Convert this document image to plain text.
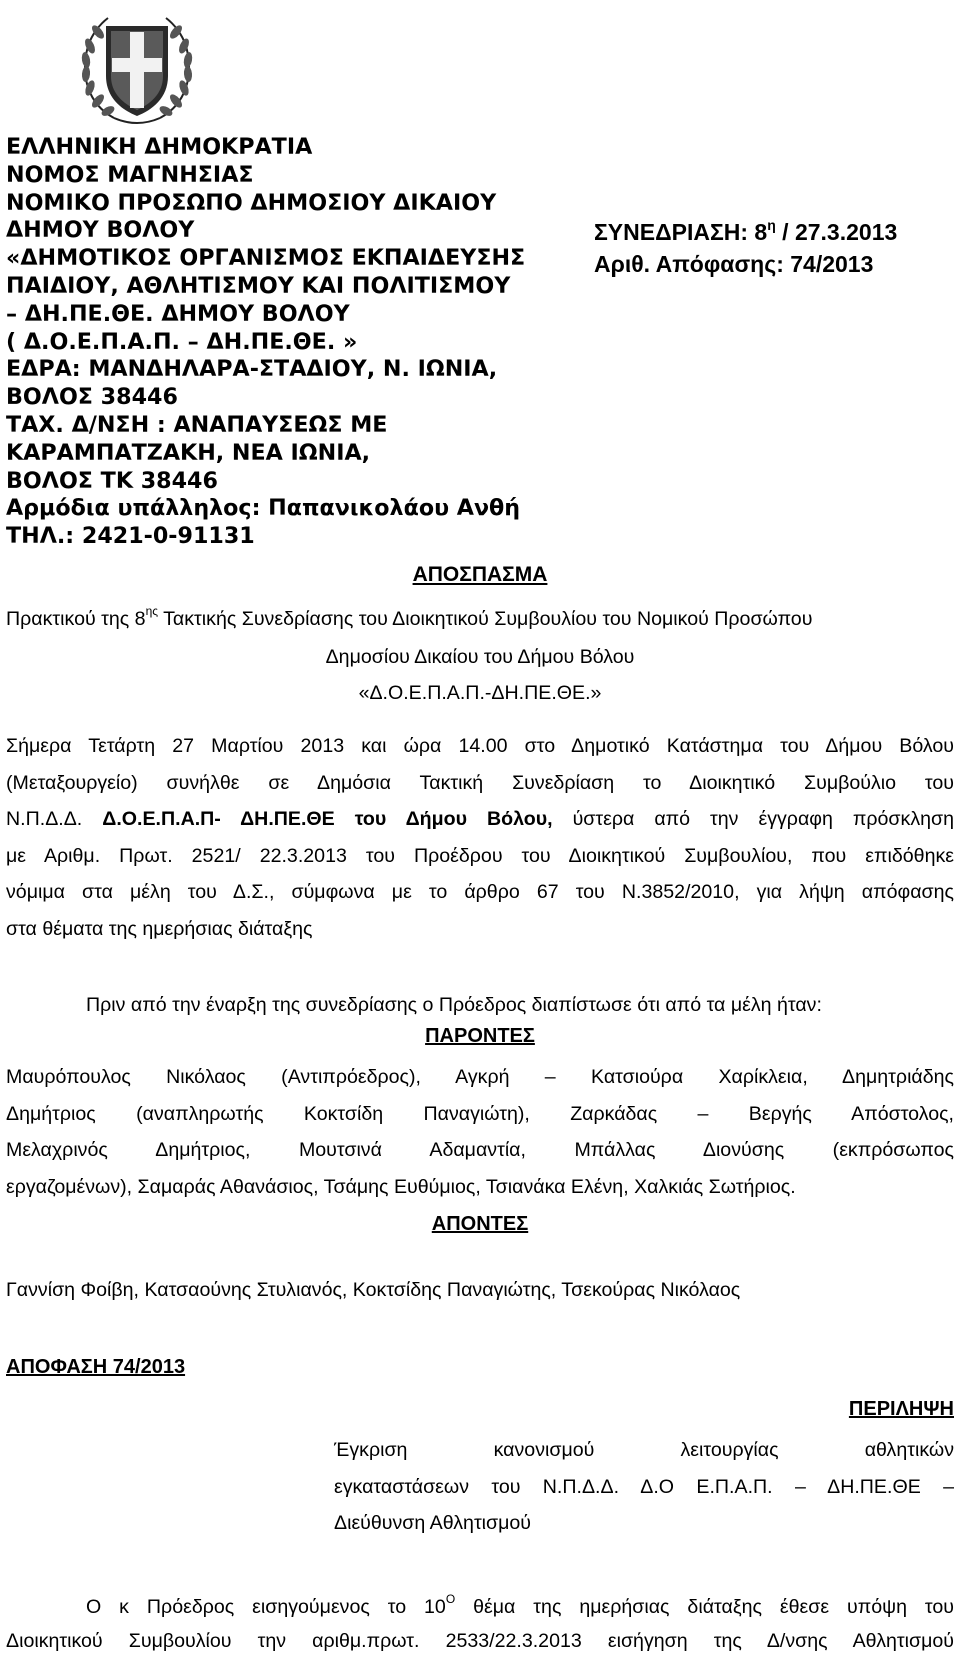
ΕΛΛΗΝΙΚΗ ΔΗΜΟΚΡΑΤΙΑ
ΝΟΜΟΣ ΜΑΓΝΗΣΙΑΣ
ΝΟΜΙΚΟ ΠΡΟΣΩΠΟ ΔΗΜΟΣΙΟΥ ΔΙΚΑΙΟΥ
ΔΗΜΟΥ ΒΟΛΟΥ
«ΔΗΜΟΤΙΚΟΣ ΟΡΓΑΝΙΣΜΟΣ ΕΚΠΑΙΔΕΥΣΗΣ
ΠΑΙΔΙΟΥ, ΑΘΛΗΤΙΣΜΟΥ ΚΑΙ ΠΟΛΙΤΙΣΜΟΥ
– ΔΗ.ΠΕ.ΘΕ. ΔΗΜΟΥ ΒΟΛΟΥ
( Δ.Ο.Ε.Π.Α.Π. – ΔΗ.ΠΕ.ΘΕ. »
ΕΔΡΑ: ΜΑΝΔΗΛΑΡΑ-ΣΤΑΔΙΟΥ, Ν. ΙΩΝΙΑ,
ΒΟΛΟΣ 38446
ΤΑΧ. Δ/ΝΣΗ : ΑΝΑΠΑΥΣΕΩΣ ΜΕ
ΚΑΡΑΜΠΑΤΖΑΚΗ, ΝΕΑ ΙΩΝΙΑ,
ΒΟΛΟΣ ΤΚ 38446
Αρμόδια υπάλληλος: Παπανικολάου Ανθή
ΤΗΛ.: 2421-0-91131
ΣΥΝΕΔΡΙΑΣΗ: $8^\eta / 27.3.2013$
Αριθ. Απόφασης: 74/2013
ΑΠΟΣΠΑΣΜΑ
Πρακτικού της $8^{\eta\varsigma}$ Τακτικής Συνεδρίασης του Διοικητικού Συμβουλίου του Νομικού Προσώπου
Δημοσίου Δικαίου του Δήμου Βόλου
«Δ.Ο.Ε.Π.Α.Π.-ΔΗ.ΠΕ.ΘΕ.»
Σήμερα Τετάρτη 27 Μαρτίου 2013 και ώρα 14.00 στο Δημοτικό Κατάστημα του Δήμου Βόλου
(Μεταξουργείο) συνήλθε σε Δημόσια Τακτική Συνεδρίαση το Διοικητικό Συμβούλιο του
Ν.Π.Δ.Δ. Δ.Ο.Ε.Π.Α.Π- ΔΗ.ΠΕ.ΘΕ του Δήμου Βόλου, ύστερα από την έγγραφη πρόσκληση
με Αριθμ. Πρωτ. 2521/ 22.3.2013 του Προέδρου του Διοικητικού Συμβουλίου, που επιδόθηκε
νόμιμα στα μέλη του Δ.Σ., σύμφωνα με το άρθρο 67 του Ν.3852/2010, για λήψη απόφασης
στα θέματα της ημερήσιας διάταξης
Πριν από την έναρξη της συνεδρίασης ο Πρόεδρος διαπίστωσε ότι από τα μέλη ήταν:
ΠΑΡΟΝΤΕΣ
Μαυρόπουλος Νικόλαος (Αντιπρόεδρος), Αγκρή – Κατσιούρα Χαρίκλεια, Δημητριάδης
Δημήτριος (αναπληρωτής Κοκτσίδη Παναγιώτη), Ζαρκάδας – Βεργής Απόστολος,
Μελαχρινός Δημήτριος, Μουτσινά Αδαμαντία, Μπάλλας Διονύσης (εκπρόσωπος
εργαζομένων), Σαμαράς Αθανάσιος, Τσάμης Ευθύμιος, Τσιανάκα Ελένη, Χαλκιάς Σωτήριος.
ΑΠΟΝΤΕΣ
Γαννίση Φοίβη, Κατσαούνης Στυλιανός, Κοκτσίδης Παναγιώτης, Τσεκούρας Νικόλαος
ΑΠΟΦΑΣΗ 74/2013
ΠΕΡΙΛΗΨΗ
Έγκριση κανονισμού λειτουργίας αθλητικών
εγκαταστάσεων του Ν.Π.Δ.Δ. Δ.Ο Ε.Π.Α.Π. – ΔΗ.ΠΕ.ΘΕ –
Διεύθυνση Αθλητισμού
Ο κ Πρόεδρος εισηγούμενος το $10^O$ θέμα της ημερήσιας διάταξης έθεσε υπόψη του
Διοικητικού Συμβουλίου την αριθμ.πρωτ. 2533/22.3.2013 εισήγηση της Δ/νσης Αθλητισμού
